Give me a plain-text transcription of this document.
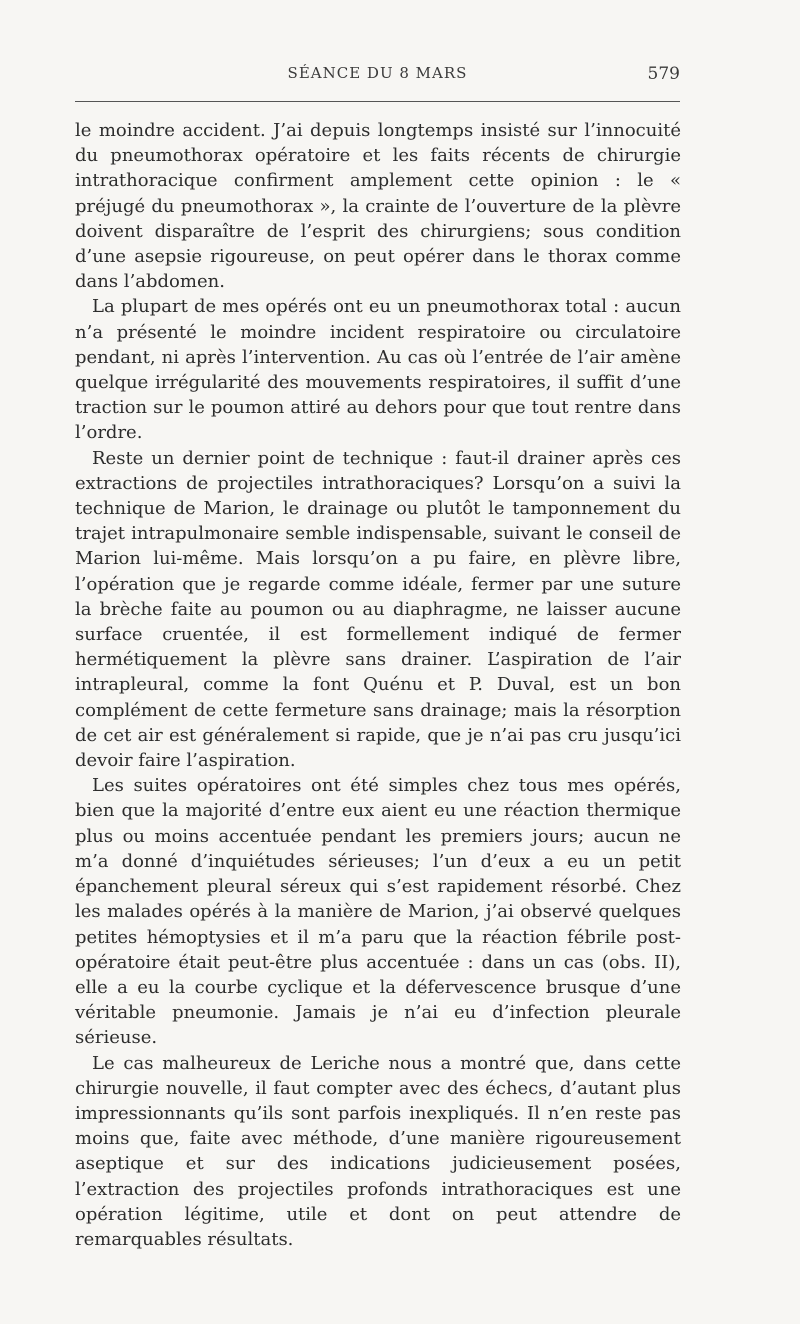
SÉANCE DU 8 MARS	579

le moindre accident. J’ai depuis longtemps insisté sur l’innocuité du pneumothorax opératoire et les faits récents de chirurgie intrathoracique confirment amplement cette opinion : le « préjugé du pneumothorax », la crainte de l’ouverture de la plèvre doivent disparaître de l’esprit des chirurgiens; sous condition d’une asepsie rigoureuse, on peut opérer dans le thorax comme dans l’abdomen.

La plupart de mes opérés ont eu un pneumothorax total : aucun n’a présenté le moindre incident respiratoire ou circulatoire pendant, ni après l’intervention. Au cas où l’entrée de l’air amène quelque irrégularité des mouvements respiratoires, il suffit d’une traction sur le poumon attiré au dehors pour que tout rentre dans l’ordre.

Reste un dernier point de technique : faut-il drainer après ces extractions de projectiles intrathoraciques? Lorsqu’on a suivi la technique de Marion, le drainage ou plutôt le tamponnement du trajet intrapulmonaire semble indispensable, suivant le conseil de Marion lui-même. Mais lorsqu’on a pu faire, en plèvre libre, l’opération que je regarde comme idéale, fermer par une suture la brèche faite au poumon ou au diaphragme, ne laisser aucune surface cruentée, il est formellement indiqué de fermer hermétiquement la plèvre sans drainer. L’aspiration de l’air intrapleural, comme la font Quénu et P. Duval, est un bon complément de cette fermeture sans drainage; mais la résorption de cet air est généralement si rapide, que je n’ai pas cru jusqu’ici devoir faire l’aspiration.

Les suites opératoires ont été simples chez tous mes opérés, bien que la majorité d’entre eux aient eu une réaction thermique plus ou moins accentuée pendant les premiers jours; aucun ne m’a donné d’inquiétudes sérieuses; l’un d’eux a eu un petit épanchement pleural séreux qui s’est rapidement résorbé. Chez les malades opérés à la manière de Marion, j’ai observé quelques petites hémoptysies et il m’a paru que la réaction fébrile post-opératoire était peut-être plus accentuée : dans un cas (obs. II), elle a eu la courbe cyclique et la défervescence brusque d’une véritable pneumonie. Jamais je n’ai eu d’infection pleurale sérieuse.

Le cas malheureux de Leriche nous a montré que, dans cette chirurgie nouvelle, il faut compter avec des échecs, d’autant plus impressionnants qu’ils sont parfois inexpliqués. Il n’en reste pas moins que, faite avec méthode, d’une manière rigoureusement aseptique et sur des indications judicieusement posées, l’extraction des projectiles profonds intrathoraciques est une opération légitime, utile et dont on peut attendre de remarquables résultats.
